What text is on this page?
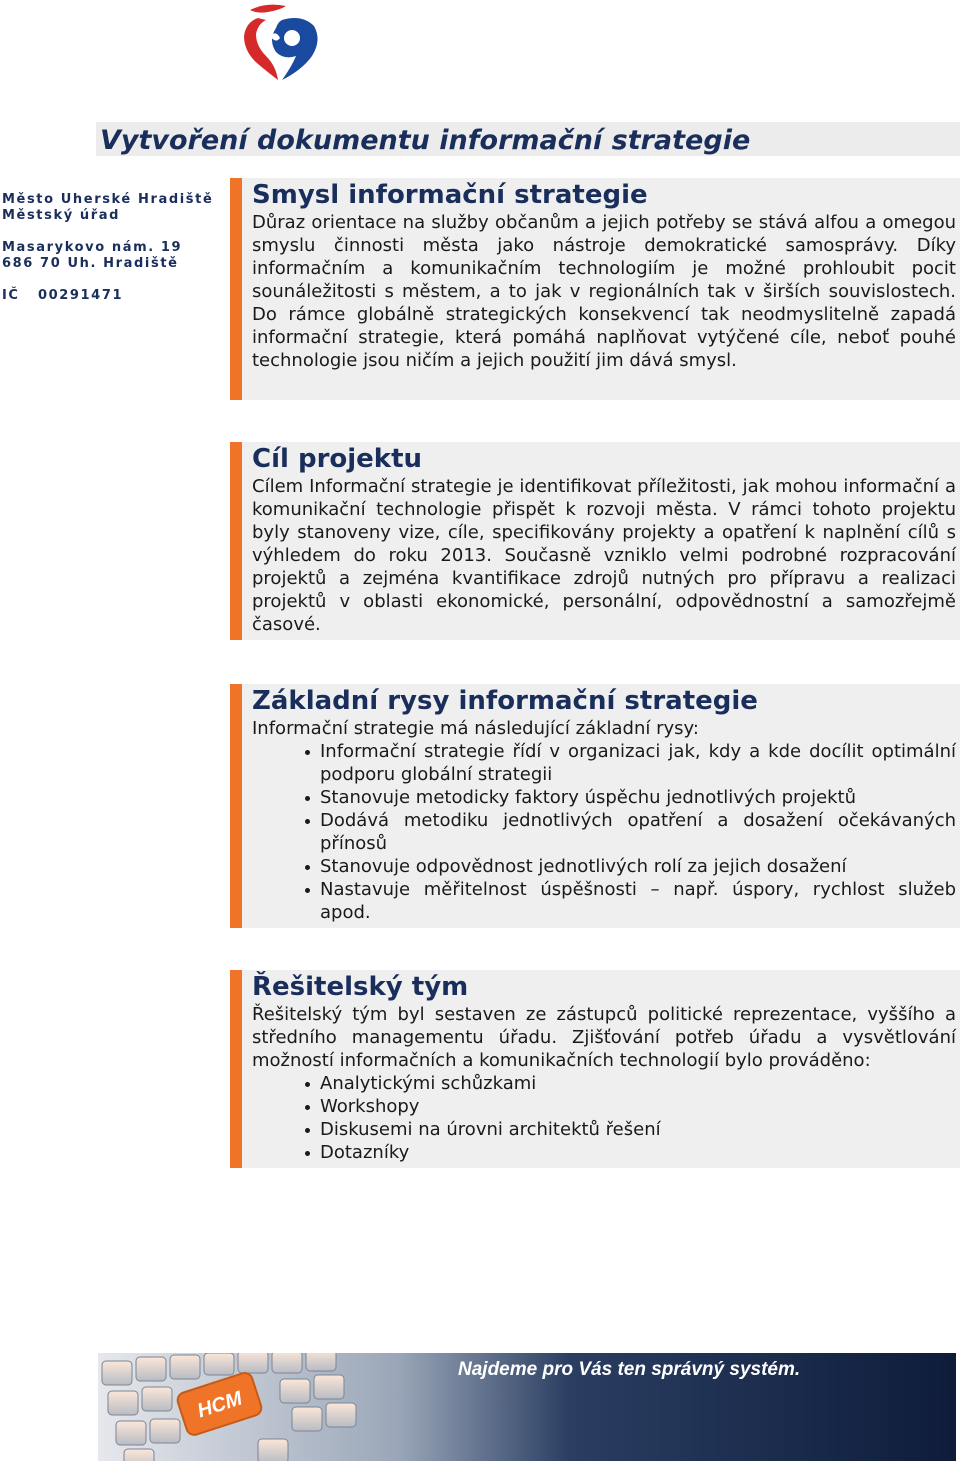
Vytvoření dokumentu informační strategie
Město Uherské Hradiště
Městský úřad
Masarykovo nám. 19
686 70 Uh. Hradiště
IČ   00291471
Smysl informační strategie

Důraz orientace na služby občanům a jejich potřeby se stává alfou a omegou smyslu činnosti města jako nástroje demokratické samosprávy. Díky informačním a komunikačním technologiím je možné prohloubit pocit sounáležitosti s městem, a to jak v regionálních tak v širších souvislostech. Do rámce globálně strategických konsekvencí tak neodmyslitelně zapadá informační strategie, která pomáhá naplňovat vytýčené cíle, neboť pouhé technologie jsou ničím a jejich použití jim dává smysl.

Cíl projektu

Cílem Informační strategie je identifikovat příležitosti, jak mohou informační a komunikační technologie přispět k rozvoji města. V rámci tohoto projektu byly stanoveny vize, cíle, specifikovány projekty a opatření k naplnění cílů s výhledem do roku 2013. Současně vzniklo velmi podrobné rozpracování projektů a zejména kvantifikace zdrojů nutných pro přípravu a realizaci projektů v oblasti ekonomické, personální, odpovědnostní a samozřejmě časové.

Základní rysy informační strategie

Informační strategie má následující základní rysy:

Informační strategie řídí v organizaci jak, kdy a kde docílit optimální podporu globální strategii
Stanovuje metodicky faktory úspěchu jednotlivých projektů
Dodává metodiku jednotlivých opatření a dosažení očekávaných přínosů
Stanovuje odpovědnost jednotlivých rolí za jejich dosažení
Nastavuje měřitelnost úspěšnosti – např. úspory, rychlost služeb apod.
Řešitelský tým

Řešitelský tým byl sestaven ze zástupců politické reprezentace, vyššího a středního managementu úřadu. Zjišťování potřeb úřadu a vysvětlování možností informačních a komunikačních technologií bylo prováděno:

Analytickými schůzkami
Workshopy
Diskusemi na úrovni architektů řešení
Dotazníky
HCM
Najdeme pro Vás ten správný systém.
